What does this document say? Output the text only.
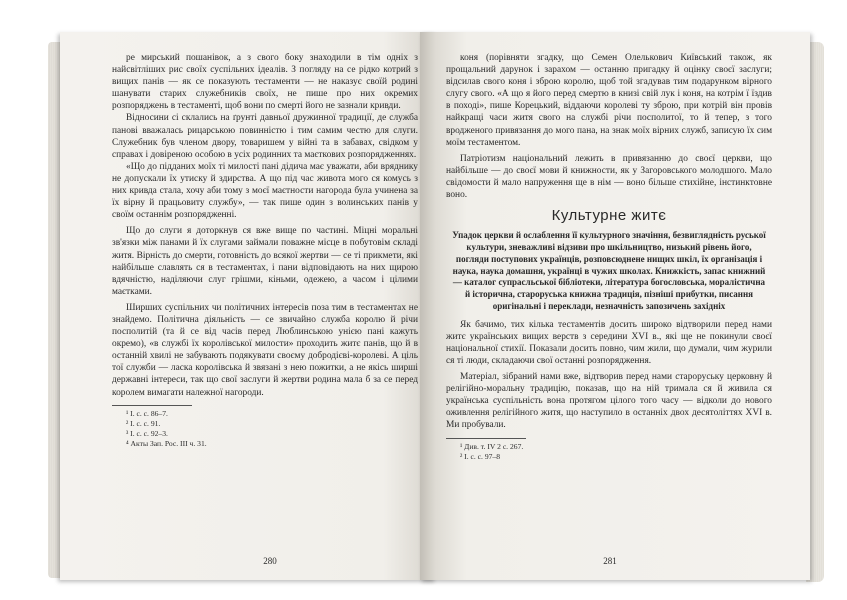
ре мирський пошанівок, а з свого боку знаходили в тім одніх з найсвітліших рис своїх суспільних ідеалів. З погляду на се рідко котрий з вищих панів — як се показують тестаменти — не наказує своїй родині шанувати старих служебників своїх, не пише про них окремих розпоряджень в тестаменті, щоб вони по смерті його не зазнали кривди.

Відносини сі склались на ґрунті давньої дружинної традиції, де служба панові вважалась рицарською повинністю і тим самим честю для слуги. Служебник був членом двору, товаришем у війні та в забавах, свідком у справах і довіреною особою в усіх родинних та маєткових розпорядженнях.

«Що до підданих моїх ті милості пані дідича має уважати, аби вряднику не допускали їх утиску й здирства. А що під час живота мого ся комусь з них кривда стала, хочу аби тому з моєї маєтности нагорода була учинена за їх вірну й працьовиту службу», — так пише один з волинських панів у своїм останнім розпорядженні.

Що до слуги я доторкнув ся вже вище по частині. Міцні моральні зв'язки між панами й їх слугами займали поважне місце в побутовім складі житя. Вірність до смерти, готовність до всякої жертви — се ті прикмети, які найбільше славлять ся в тестаментах, і пани відповідають на них щирою вдячністю, наділяючи слуг грішми, кіньми, одежею, а часом і цілими маєтками.

Ширших суспільних чи політичних інтересів поза тим в тестаментах не знайдемо. Політична діяльність — се звичайно служба королю й річи посполитій (та й се від часів перед Люблинською унією пані кажуть окремо), «в службі їх королівської милости» проходить житє панів, що й в останній хвилі не забувають подякувати своєму добродієві-королеві. А ціль тої служби — ласка королівська й звязані з нею пожитки, а не якісь ширші державні інтереси, так що свої заслуги й жертви родина мала б за се перед королем вимагати належної нагороди.

¹ I. c. c. 86–7.

² I. c. c. 91.

³ I. c. c. 92–3.

⁴ Акты Зап. Рос. III ч. 31.

280

коня (порівняти згадку, що Семен Олелькович Київський також, як прощальний дарунок і зарахом — останню пригадку й оцінку своєї заслуги; відсилав свого коня і зброю королю, щоб той згадував тим подарунком вірного слугу свого. «А що я його перед смертю в книзі свій лук і коня, на котрім ї їздив в поході», пише Корецький, віддаючи королеві ту зброю, при котрій він провів найкращі часи житя свого на службі річи посполитої, то й тепер, з того вродженого привязання до мого пана, на знак моїх вірних служб, записую їх сим моїм тестаментом.

Патріотизм національний лежить в привязанню до своєї церкви, що найбільше — до своєї мови й книжности, як у Загоровського молодшого. Мало свідомости й мало напруження ще в нім — воно більше стихійне, інстинктовне воно.

Культурне житє

Упадок церкви й ослаблення її культурного значіння, безвиглядність руської культури, зневажливі відзиви про шкільництво, низький рівень його, погляди поступових українців, розповсюднене нищих шкіл, їх організація і наука, наука домашня, українці в чужих школах. Книжкість, запас книжний — каталог супрасльської бібліотеки, література богословська, моралістична й історична, староруська книжна традиція, пізніші прибутки, писання оригінальні і переклади, незначність запозичень західніх

Як бачимо, тих кілька тестаментів досить широко відтворили перед нами житє українських вищих верств з середини XVI в., які ще не покинули своєї національної стихії. Показали досить повно, чим жили, що думали, чим журили ся ті люди, складаючи свої останні розпорядження.

Матеріал, зібраний нами вже, відтворив перед нами староруську церковну й релігійно-моральну традицію, показав, що на ній тримала ся й живила ся українська суспільність вона протягом цілого того часу — відколи до нового оживлення релігійного житя, що наступило в останніх двох десятоліттях XVI в. Ми пробували.

¹ Див. т. IV 2 с. 267.

² I. c. c. 97–8

281
